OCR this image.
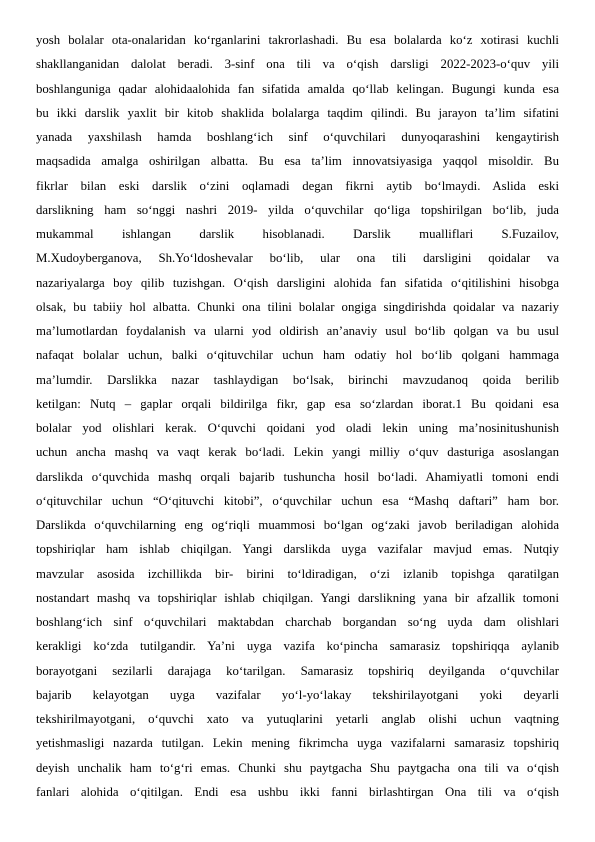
yosh bolalar ota-onalaridan ko‘rganlarini takrorlashadi. Bu esa bolalarda ko‘z xotirasi kuchli
shakllanganidan dalolat beradi. 3-sinf ona tili va o‘qish darsligi 2022-2023-o‘quv yili
boshlanguniga qadar alohidaalohida fan sifatida amalda qo‘llab kelingan. Bugungi kunda esa
bu ikki darslik yaxlit bir kitob shaklida bolalarga taqdim qilindi. Bu jarayon ta’lim sifatini
yanada yaxshilash hamda boshlang‘ich sinf o‘quvchilari dunyoqarashini kengaytirish
maqsadida amalga oshirilgan albatta. Bu esa ta’lim innovatsiyasiga yaqqol misoldir. Bu
fikrlar bilan eski darslik o‘zini oqlamadi degan fikrni aytib bo‘lmaydi. Aslida eski
darslikning ham so‘nggi nashri 2019- yilda o‘quvchilar qo‘liga topshirilgan bo‘lib, juda
mukammal ishlangan darslik hisoblanadi. Darslik mualliflari S.Fuzailov,
M.Xudoyberganova, Sh.Yo‘ldoshevalar bo‘lib, ular ona tili darsligini qoidalar va
nazariyalarga boy qilib tuzishgan. O‘qish darsligini alohida fan sifatida o‘qitilishini hisobga
olsak, bu tabiiy hol albatta. Chunki ona tilini bolalar ongiga singdirishda qoidalar va nazariy
ma’lumotlardan foydalanish va ularni yod oldirish an’anaviy usul bo‘lib qolgan va bu usul
nafaqat bolalar uchun, balki o‘qituvchilar uchun ham odatiy hol bo‘lib qolgani hammaga
ma’lumdir. Darslikka nazar tashlaydigan bo‘lsak, birinchi mavzudanoq qoida berilib
ketilgan: Nutq – gaplar orqali bildirilga fikr, gap esa so‘zlardan iborat.1 Bu qoidani esa
bolalar yod olishlari kerak. O‘quvchi qoidani yod oladi lekin uning ma’nosinitushunish
uchun ancha mashq va vaqt kerak bo‘ladi. Lekin yangi milliy o‘quv dasturiga asoslangan
darslikda o‘quvchida mashq orqali bajarib tushuncha hosil bo‘ladi. Ahamiyatli tomoni endi
o‘qituvchilar uchun “O‘qituvchi kitobi”, o‘quvchilar uchun esa “Mashq daftari” ham bor.
Darslikda o‘quvchilarning eng og‘riqli muammosi bo‘lgan og‘zaki javob beriladigan alohida
topshiriqlar ham ishlab chiqilgan. Yangi darslikda uyga vazifalar mavjud emas. Nutqiy
mavzular asosida izchillikda bir- birini to‘ldiradigan, o‘zi izlanib topishga qaratilgan
nostandart mashq va topshiriqlar ishlab chiqilgan. Yangi darslikning yana bir afzallik tomoni
boshlang‘ich sinf o‘quvchilari maktabdan charchab borgandan so‘ng uyda dam olishlari
kerakligi ko‘zda tutilgandir. Ya’ni uyga vazifa ko‘pincha samarasiz topshiriqqa aylanib
borayotgani sezilarli darajaga ko‘tarilgan. Samarasiz topshiriq deyilganda o‘quvchilar
bajarib kelayotgan uyga vazifalar yo‘l-yo‘lakay tekshirilayotgani yoki deyarli
tekshirilmayotgani, o‘quvchi xato va yutuqlarini yetarli anglab olishi uchun vaqtning
yetishmasligi nazarda tutilgan. Lekin mening fikrimcha uyga vazifalarni samarasiz topshiriq
deyish unchalik ham to‘g‘ri emas. Chunki shu paytgacha Shu paytgacha ona tili va o‘qish
fanlari alohida o‘qitilgan. Endi esa ushbu ikki fanni birlashtirgan Ona tili va o‘qish
